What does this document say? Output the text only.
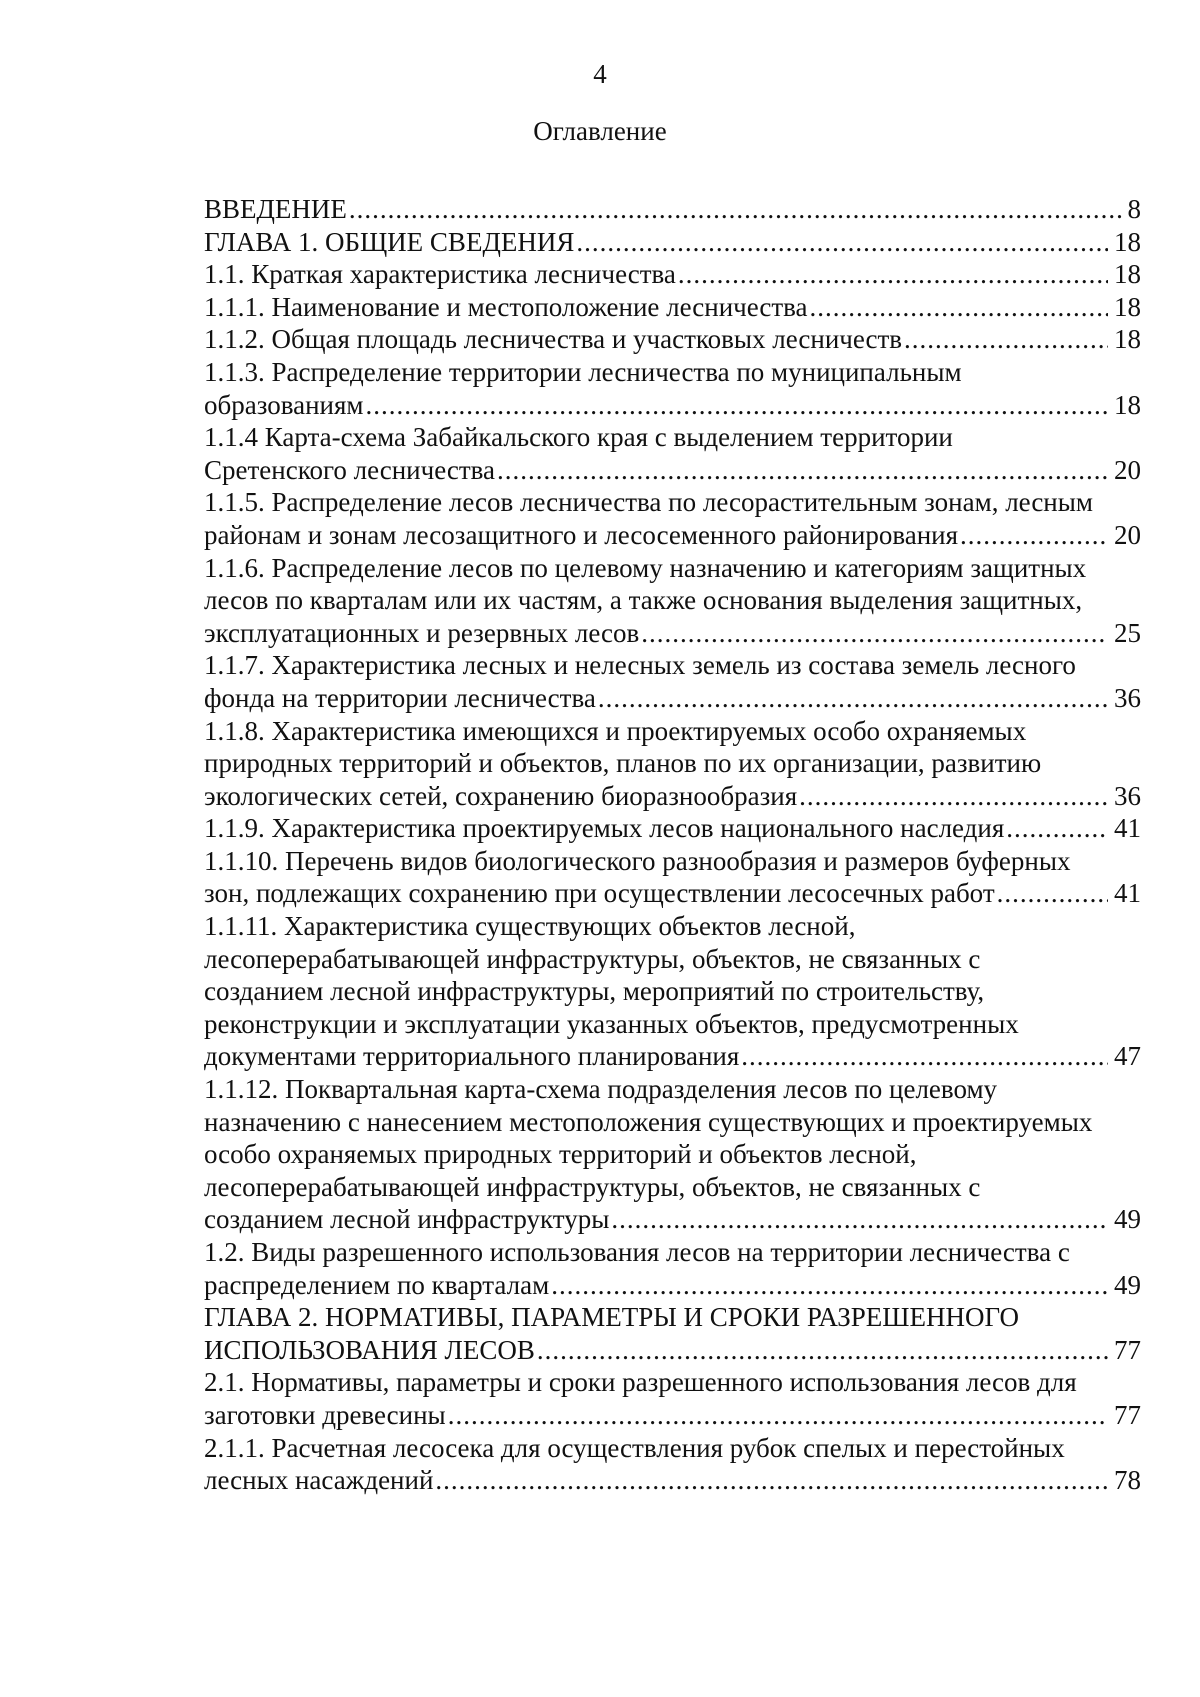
4
Оглавление
ВВЕДЕНИЕ .....	8
ГЛАВА 1. ОБЩИЕ СВЕДЕНИЯ .....	18
1.1. Краткая характеристика лесничества .....	18
1.1.1. Наименование и местоположение лесничества .....	18
1.1.2. Общая площадь лесничества и участковых лесничеств .....	18
1.1.3. Распределение территории лесничества по муниципальным
образованиям .....	18
1.1.4 Карта-схема Забайкальского края с выделением территории
Сретенского лесничества .....	20
1.1.5. Распределение лесов лесничества по лесорастительным зонам, лесным
районам и зонам лесозащитного и лесосеменного районирования .....	20
1.1.6. Распределение лесов по целевому назначению и категориям защитных
лесов по кварталам или их частям, а также основания выделения защитных,
эксплуатационных и резервных лесов .....	25
1.1.7. Характеристика лесных и нелесных земель из состава земель лесного
фонда на территории лесничества .....	36
1.1.8. Характеристика имеющихся и проектируемых особо охраняемых
природных территорий и объектов, планов по их организации, развитию
экологических сетей, сохранению биоразнообразия .....	36
1.1.9. Характеристика проектируемых лесов национального наследия .....	41
1.1.10. Перечень видов биологического разнообразия и размеров буферных
зон, подлежащих сохранению при осуществлении лесосечных работ .....	41
1.1.11. Характеристика существующих объектов лесной,
лесоперерабатывающей инфраструктуры, объектов, не связанных с
созданием лесной инфраструктуры, мероприятий по строительству,
реконструкции и эксплуатации указанных объектов, предусмотренных
документами территориального планирования .....	47
1.1.12. Поквартальная карта-схема подразделения лесов по целевому
назначению с нанесением местоположения существующих и проектируемых
особо охраняемых природных территорий и объектов лесной,
лесоперерабатывающей инфраструктуры, объектов, не связанных с
созданием лесной инфраструктуры .....	49
1.2. Виды разрешенного использования лесов на территории лесничества с
распределением по кварталам .....	49
ГЛАВА 2. НОРМАТИВЫ, ПАРАМЕТРЫ И СРОКИ РАЗРЕШЕННОГО
ИСПОЛЬЗОВАНИЯ ЛЕСОВ .....	77
2.1. Нормативы, параметры и сроки разрешенного использования лесов для
заготовки древесины .....	77
2.1.1. Расчетная лесосека для осуществления рубок спелых и перестойных
лесных насаждений .....	78
